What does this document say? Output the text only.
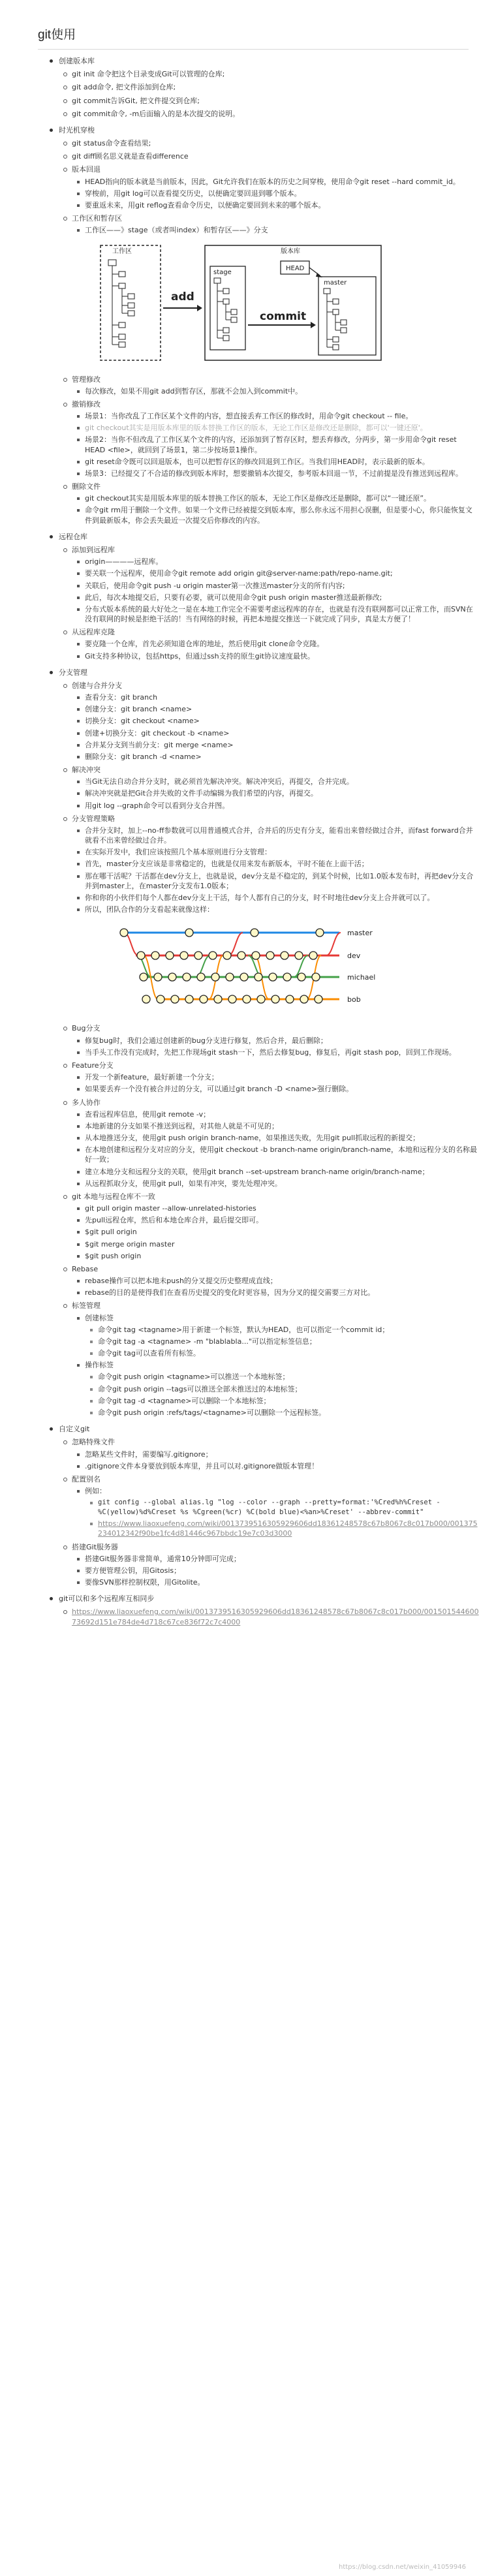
git使用
创建版本库
git init 命令把这个目录变成Git可以管理的仓库;
git add命令, 把文件添加到仓库;
git commit告诉Git, 把文件提交到仓库;
git commit命令, -m后面输入的是本次提交的说明。
时光机穿梭
git status命令查看结果;
git diff顾名思义就是查看difference
版本回退
HEAD指向的版本就是当前版本，因此，Git允许我们在版本的历史之间穿梭，使用命令git reset --hard commit_id。
穿梭前，用git log可以查看提交历史，以便确定要回退到哪个版本。
要重返未来，用git reflog查看命令历史，以便确定要回到未来的哪个版本。
工作区和暂存区
工作区——》stage（或者叫index）和暂存区——》分支
工作区
add
版本库
stage
commit
HEAD
master
管理修改
每次修改，如果不用git add到暂存区，那就不会加入到commit中。
撤销修改
场景1：当你改乱了工作区某个文件的内容，想直接丢弃工作区的修改时，用命令git checkout -- file。
git checkout其实是用版本库里的版本替换工作区的版本，无论工作区是修改还是删除，都可以'一键还原'。
场景2：当你不但改乱了工作区某个文件的内容，还添加到了暂存区时，想丢弃修改，分两步，第一步用命令git reset HEAD <file>，就回到了场景1，第二步按场景1操作。
git reset命令既可以回退版本，也可以把暂存区的修改回退到工作区。当我们用HEAD时，表示最新的版本。
场景3：已经提交了不合适的修改到版本库时，想要撤销本次提交，参考版本回退一节，不过前提是没有推送到远程库。
删除文件
git checkout其实是用版本库里的版本替换工作区的版本，无论工作区是修改还是删除，都可以“一键还原”。
命令git rm用于删除一个文件。如果一个文件已经被提交到版本库，那么你永远不用担心误删，但是要小心，你只能恢复文件到最新版本，你会丢失最近一次提交后你修改的内容。
远程仓库
添加到远程库
origin————远程库。
要关联一个远程库，使用命令git remote add origin git@server-name:path/repo-name.git;
关联后，使用命令git push -u origin master第一次推送master分支的所有内容;
此后，每次本地提交后，只要有必要，就可以使用命令git push origin master推送最新修改;
分布式版本系统的最大好处之一是在本地工作完全不需要考虑远程库的存在，也就是有没有联网都可以正常工作，而SVN在没有联网的时候是拒绝干活的！当有网络的时候，再把本地提交推送一下就完成了同步，真是太方便了！
从远程库克隆
要克隆一个仓库，首先必须知道仓库的地址，然后使用git clone命令克隆。
Git支持多种协议，包括https，但通过ssh支持的原生git协议速度最快。
分支管理
创建与合并分支
查看分支：git branch
创建分支：git branch <name>
切换分支：git checkout <name>
创建+切换分支：git checkout -b <name>
合并某分支到当前分支：git merge <name>
删除分支：git branch -d <name>
解决冲突
当Git无法自动合并分支时，就必须首先解决冲突。解决冲突后，再提交，合并完成。
解决冲突就是把Git合并失败的文件手动编辑为我们希望的内容，再提交。
用git log --graph命令可以看到分支合并图。
分支管理策略
合并分支时，加上--no-ff参数就可以用普通模式合并，合并后的历史有分支，能看出来曾经做过合并，而fast forward合并就看不出来曾经做过合并。
在实际开发中，我们应该按照几个基本原则进行分支管理：
首先，master分支应该是非常稳定的，也就是仅用来发布新版本，平时不能在上面干活；
那在哪干活呢？干活都在dev分支上，也就是说，dev分支是不稳定的，到某个时候，比如1.0版本发布时，再把dev分支合并到master上，在master分支发布1.0版本；
你和你的小伙伴们每个人都在dev分支上干活，每个人都有自己的分支，时不时地往dev分支上合并就可以了。
所以，团队合作的分支看起来就像这样：
master
dev
michael
bob
Bug分支
修复bug时，我们会通过创建新的bug分支进行修复，然后合并，最后删除；
当手头工作没有完成时，先把工作现场git stash一下，然后去修复bug，修复后，再git stash pop，回到工作现场。
Feature分支
开发一个新feature，最好新建一个分支；
如果要丢弃一个没有被合并过的分支，可以通过git branch -D <name>强行删除。
多人协作
查看远程库信息，使用git remote -v；
本地新建的分支如果不推送到远程，对其他人就是不可见的；
从本地推送分支，使用git push origin branch-name，如果推送失败，先用git pull抓取远程的新提交；
在本地创建和远程分支对应的分支，使用git checkout -b branch-name origin/branch-name，本地和远程分支的名称最好一致；
建立本地分支和远程分支的关联，使用git branch --set-upstream branch-name origin/branch-name；
从远程抓取分支，使用git pull，如果有冲突，要先处理冲突。
git 本地与远程仓库不一致
git pull origin master --allow-unrelated-histories
先pull远程仓库，然后和本地仓库合并，最后提交即可。
$git pull origin
$git merge origin master
$git push origin
Rebase
rebase操作可以把本地未push的分叉提交历史整理成直线；
rebase的目的是使得我们在查看历史提交的变化时更容易，因为分叉的提交需要三方对比。
标签管理
创建标签
命令git tag <tagname>用于新建一个标签，默认为HEAD，也可以指定一个commit id；
命令git tag -a <tagname> -m "blablabla..."可以指定标签信息；
命令git tag可以查看所有标签。
操作标签
命令git push origin <tagname>可以推送一个本地标签；
命令git push origin --tags可以推送全部未推送过的本地标签；
命令git tag -d <tagname>可以删除一个本地标签；
命令git push origin :refs/tags/<tagname>可以删除一个远程标签。
自定义git
忽略特殊文件
忽略某些文件时，需要编写.gitignore；
.gitignore文件本身要放到版本库里，并且可以对.gitignore做版本管理！
配置别名
例如：
git config --global alias.lg "log --color --graph --pretty=format:'%Cred%h%Creset -%C(yellow)%d%Creset %s %Cgreen(%cr) %C(bold blue)<%an>%Creset' --abbrev-commit"
https://www.liaoxuefeng.com/wiki/0013739516305929606dd18361248578c67b8067c8c017b000/001375234012342f90be1fc4d81446c967bbdc19e7c03d3000
搭建Git服务器
搭建Git服务器非常简单，通常10分钟即可完成；
要方便管理公钥，用Gitosis；
要像SVN那样控制权限，用Gitolite。
git可以和多个远程库互相同步
https://www.liaoxuefeng.com/wiki/0013739516305929606dd18361248578c67b8067c8c017b000/00150154460073692d151e784de4d718c67ce836f72c7c4000
https://blog.csdn.net/weixin_41059946
